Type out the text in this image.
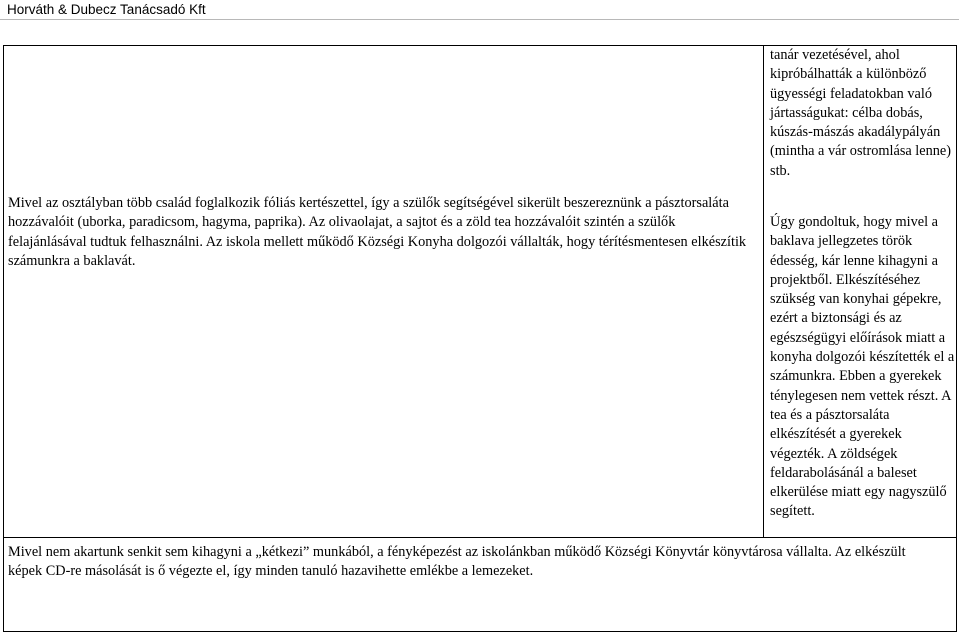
Horváth & Dubecz Tanácsadó Kft

Mivel az osztályban több család foglalkozik fóliás kertészettel, így a szülők segítségével sikerült beszereznünk a pásztorsaláta hozzávalóit (uborka, paradicsom, hagyma, paprika). Az olivaolajat, a sajtot és a zöld tea hozzávalóit szintén a szülők felajánlásával tudtuk felhasználni. Az iskola mellett működő Községi Konyha dolgozói vállalták, hogy térítésmentesen elkészítik számunkra a baklavát.

tanár vezetésével, ahol kipróbálhatták a különböző ügyességi feladatokban való jártasságukat: célba dobás, kúszás-mászás akadálypályán (mintha a vár ostromlása lenne) stb.

Úgy gondoltuk, hogy mivel a baklava jellegzetes török édesség, kár lenne kihagyni a projektből. Elkészítéséhez szükség van konyhai gépekre, ezért a biztonsági és az egészségügyi előírások miatt a konyha dolgozói készítették el a számunkra. Ebben a gyerekek ténylegesen nem vettek részt. A tea és a pásztorsaláta elkészítését a gyerekek végezték. A zöldségek feldarabolásánál a baleset elkerülése miatt egy nagyszülő segített.

Mivel nem akartunk senkit sem kihagyni a „kétkezi” munkából, a fényképezést az iskolánkban működő Községi Könyvtár könyvtárosa vállalta. Az elkészült képek CD-re másolását is ő végezte el, így minden tanuló hazavihette emlékbe a lemezeket.
